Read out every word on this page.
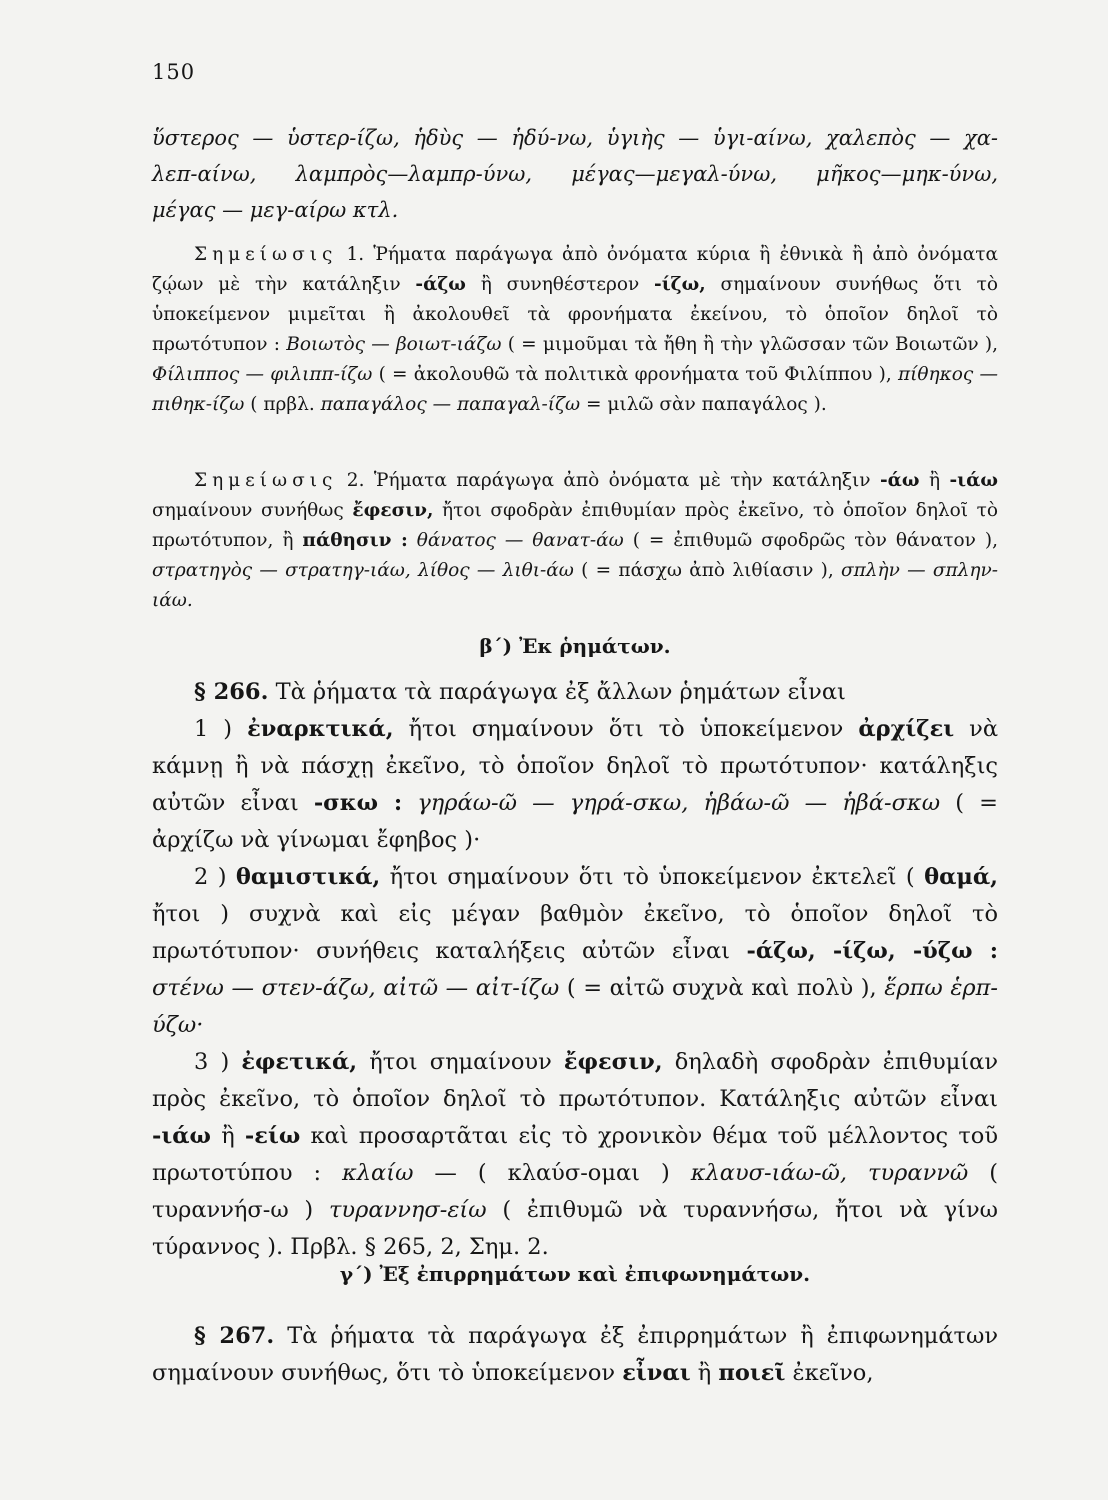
150

ὕστερος — ὑστερ-ίζω, ἡδὺς — ἡδύ-νω, ὑγιὴς — ὑγι-αίνω, χαλεπὸς — χα-

λεπ-αίνω, λαμπρὸς—λαμπρ-ύνω, μέγας—μεγαλ-ύνω, μῆκος—μηκ-ύνω,

μέγας — μεγ-αίρω κτλ.

Σημείωσις 1. Ῥήματα παράγωγα ἀπὸ ὀνόματα κύρια ἢ ἐθνικὰ ἢ ἀπὸ ὀνόματα ζῴων μὲ τὴν κατάληξιν -άζω ἢ συνηθέστερον -ίζω, σημαίνουν συνήθως ὅτι τὸ ὑποκείμενον μιμεῖται ἢ ἀκολουθεῖ τὰ φρονήματα ἐκείνου, τὸ ὁποῖον δηλοῖ τὸ πρωτότυπον : Βοιωτὸς — βοιωτ-ιάζω ( = μιμοῦμαι τὰ ἤθη ἢ τὴν γλῶσσαν τῶν Βοιωτῶν ), Φίλιππος — φιλιππ-ίζω ( = ἀκολουθῶ τὰ πολιτικὰ φρονήματα τοῦ Φιλίππου ), πίθηκος — πιθηκ-ίζω ( πρβλ. παπαγάλος — παπαγαλ-ίζω = μιλῶ σὰν παπαγάλος ).

Σημείωσις 2. Ῥήματα παράγωγα ἀπὸ ὀνόματα μὲ τὴν κατάληξιν -άω ἢ -ιάω σημαίνουν συνήθως ἔφεσιν, ἤτοι σφοδρὰν ἐπιθυμίαν πρὸς ἐκεῖνο, τὸ ὁποῖον δηλοῖ τὸ πρωτότυπον, ἢ πάθησιν : θάνατος — θανατ-άω ( = ἐπιθυμῶ σφοδρῶς τὸν θάνατον ), στρατηγὸς — στρατηγ-ιάω, λίθος — λιθι-άω ( = πάσχω ἀπὸ λιθίασιν ), σπλὴν — σπλην-ιάω.

β΄) Ἐκ ῥημάτων.

§ 266. Τὰ ῥήματα τὰ παράγωγα ἐξ ἄλλων ῥημάτων εἶναι

1 ) ἐναρκτικά, ἤτοι σημαίνουν ὅτι τὸ ὑποκείμενον ἀρχίζει νὰ κάμνῃ ἢ νὰ πάσχῃ ἐκεῖνο, τὸ ὁποῖον δηλοῖ τὸ πρωτότυπον· κατάληξις αὐτῶν εἶναι -σκω : γηράω-ῶ — γηρά-σκω, ἡβάω-ῶ — ἡβά-σκω ( = ἀρχίζω νὰ γίνωμαι ἔφηβος )·

2 ) θαμιστικά, ἤτοι σημαίνουν ὅτι τὸ ὑποκείμενον ἐκτελεῖ ( θαμά, ἤτοι ) συχνὰ καὶ εἰς μέγαν βαθμὸν ἐκεῖνο, τὸ ὁποῖον δηλοῖ τὸ πρωτότυπον· συνήθεις καταλήξεις αὐτῶν εἶναι -άζω, -ίζω, -ύζω : στένω — στεν-άζω, αἰτῶ — αἰτ-ίζω ( = αἰτῶ συχνὰ καὶ πολὺ ), ἕρπω ἑρπ-ύζω·

3 ) ἐφετικά, ἤτοι σημαίνουν ἔφεσιν, δηλαδὴ σφοδρὰν ἐπιθυμίαν πρὸς ἐκεῖνο, τὸ ὁποῖον δηλοῖ τὸ πρωτότυπον. Κατάληξις αὐτῶν εἶναι -ιάω ἢ -είω καὶ προσαρτᾶται εἰς τὸ χρονικὸν θέμα τοῦ μέλλοντος τοῦ πρωτοτύπου : κλαίω — ( κλαύσ-ομαι ) κλαυσ-ιάω-ῶ, τυραννῶ ( τυραννήσ-ω ) τυραννησ-είω ( ἐπιθυμῶ νὰ τυραννήσω, ἤτοι νὰ γίνω τύραννος ). Πρβλ. § 265, 2, Σημ. 2.

γ΄) Ἐξ ἐπιρρημάτων καὶ ἐπιφωνημάτων.

§ 267. Τὰ ῥήματα τὰ παράγωγα ἐξ ἐπιρρημάτων ἢ ἐπιφωνημάτων σημαίνουν συνήθως, ὅτι τὸ ὑποκείμενον εἶναι ἢ ποιεῖ ἐκεῖνο,
